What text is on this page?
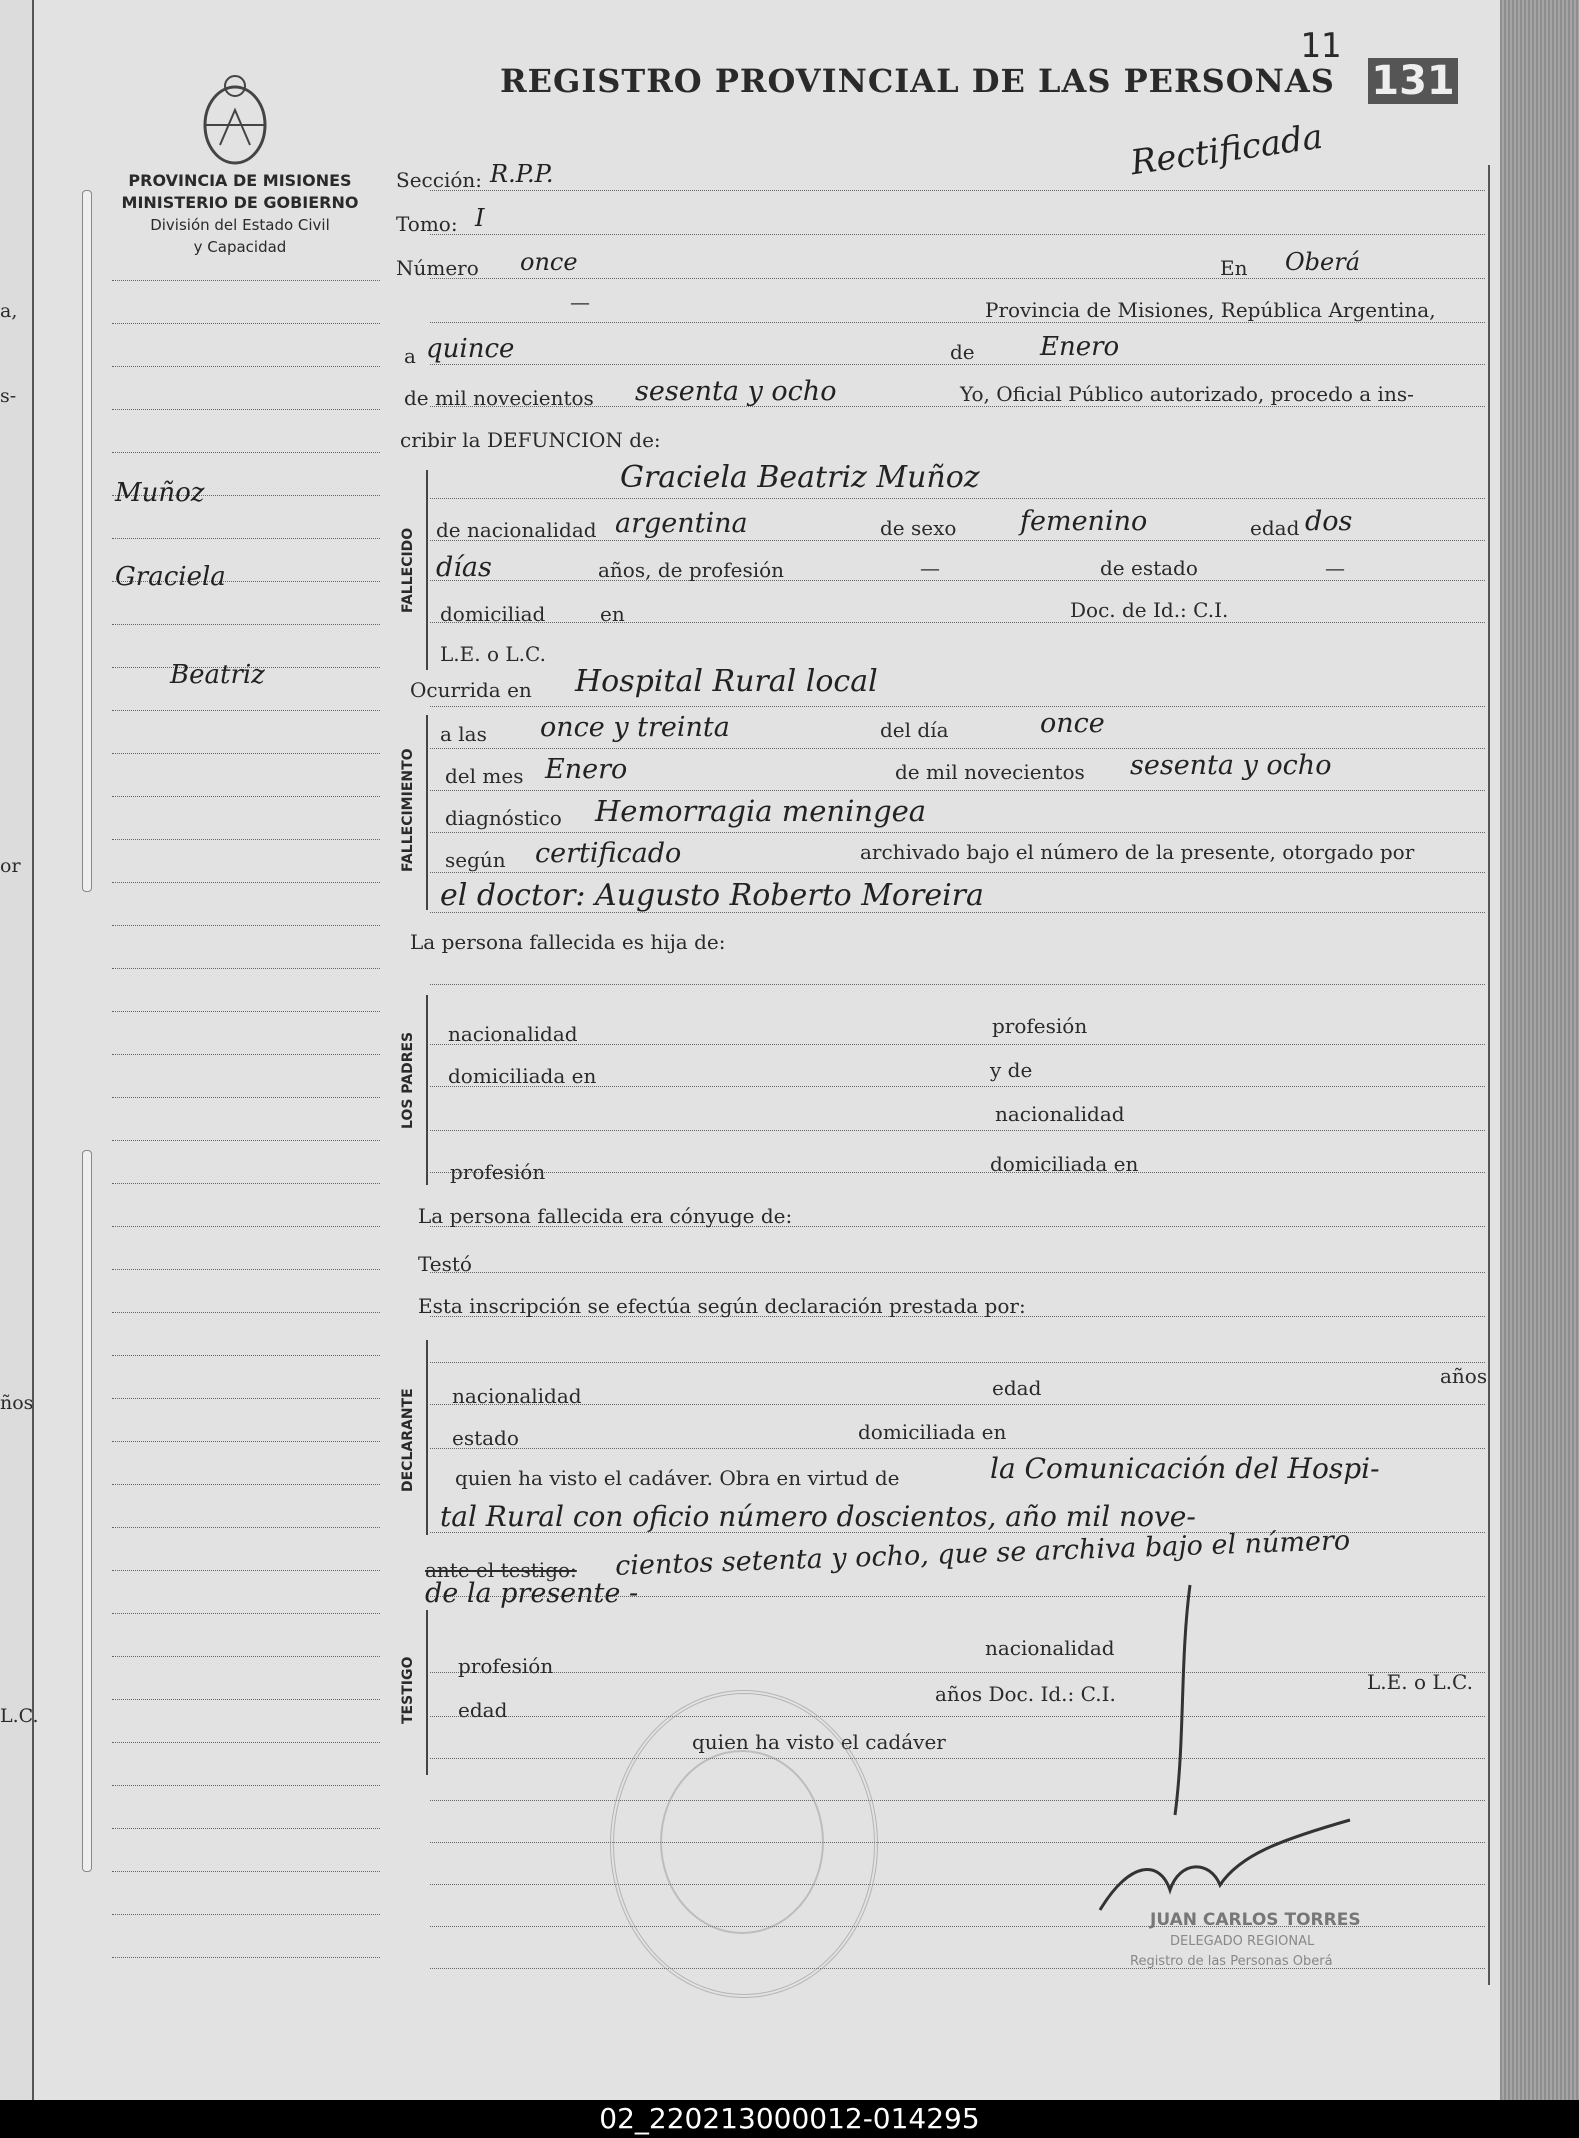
a,
s-
or
ños
L.C.
PROVINCIA DE MISIONES
MINISTERIO DE GOBIERNO
División del Estado Civil
y Capacidad
Muñoz
Graciela
Beatriz
11
131
REGISTRO PROVINCIAL DE LAS PERSONAS
Rectificada
Sección: R.P.P.
Tomo: I
Número once	En Oberá
—	Provincia de Misiones, República Argentina,
a quince	de	Enero
de mil novecientos sesenta y ocho	Yo, Oficial Público autorizado, procedo a ins-
cribir la DEFUNCION de:
FALLECIDO
Graciela Beatriz Muñoz
de nacionalidad argentina	de sexo femenino	edad dos
días	años, de profesión	—	de estado	—
domiciliad	en	Doc. de Id.: C.I.
L.E. o L.C.
Ocurrida en Hospital Rural local
FALLECIMIENTO
a las once y treinta	del día	once
del mes Enero	de mil novecientos sesenta y ocho
diagnóstico Hemorragia meningea
según certificado	archivado bajo el número de la presente, otorgado por
el doctor: Augusto Roberto Moreira
La persona fallecida es hija de:
LOS PADRES	nacionalidad	profesión
domiciliada en	y de
nacionalidad
profesión	domiciliada en
La persona fallecida era cónyuge de:
Testó
Esta inscripción se efectúa según declaración prestada por:
DECLARANTE	nacionalidad	edad	años
estado	domiciliada en
quien ha visto el cadáver. Obra en virtud de	la Comunicación del Hospi-
tal Rural con oficio número doscientos, año mil nove-
ante el testigo: cientos setenta y ocho, que se archiva bajo el número
de la presente -
TESTIGO	profesión
nacionalidad
edad
años Doc. Id.: C.I.	L.E. o L.C.
quien ha visto el cadáver
JUAN CARLOS TORRES
DELEGADO REGIONAL
Registro de las Personas Oberá
02_220213000012-014295
